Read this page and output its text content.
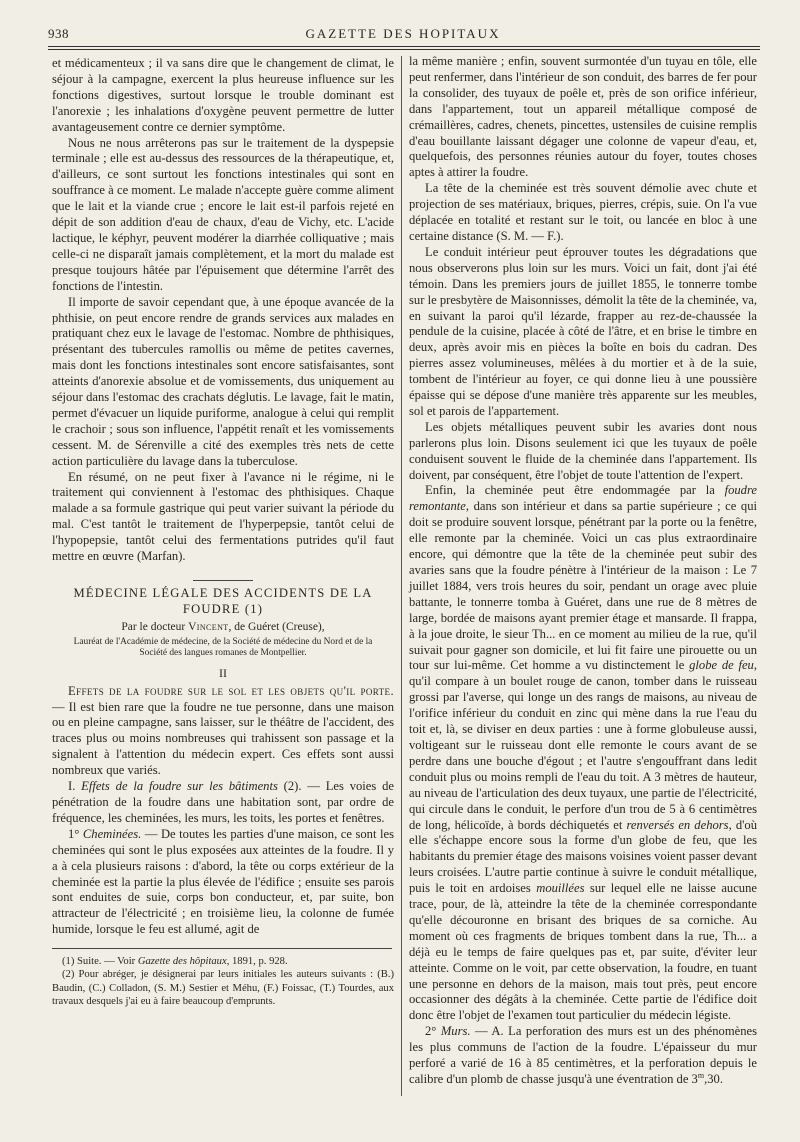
938	GAZETTE DES HOPITAUX

et médicamenteux ; il va sans dire que le changement de climat, le séjour à la campagne, exercent la plus heureuse influence sur les fonctions digestives, surtout lorsque le trouble dominant est l'anorexie ; les inhalations d'oxygène peuvent permettre de lutter avantageusement contre ce dernier symptôme.

Nous ne nous arrêterons pas sur le traitement de la dyspepsie terminale ; elle est au-dessus des ressources de la thérapeutique, et, d'ailleurs, ce sont surtout les fonctions intestinales qui sont en souffrance à ce moment. Le malade n'accepte guère comme aliment que le lait et la viande crue ; encore le lait est-il parfois rejeté en dépit de son addition d'eau de chaux, d'eau de Vichy, etc. L'acide lactique, le képhyr, peuvent modérer la diarrhée colliquative ; mais celle-ci ne disparaît jamais complètement, et la mort du malade est presque toujours hâtée par l'épuisement que détermine l'arrêt des fonctions de l'intestin.

Il importe de savoir cependant que, à une époque avancée de la phthisie, on peut encore rendre de grands services aux malades en pratiquant chez eux le lavage de l'estomac. Nombre de phthisiques, présentant des tubercules ramollis ou même de petites cavernes, mais dont les fonctions intestinales sont encore satisfaisantes, sont atteints d'anorexie absolue et de vomissements, dus uniquement au séjour dans l'estomac des crachats déglutis. Le lavage, fait le matin, permet d'évacuer un liquide puriforme, analogue à celui qui remplit le crachoir ; sous son influence, l'appétit renaît et les vomissements cessent. M. de Sérenville a cité des exemples très nets de cette action particulière du lavage dans la tuberculose.

En résumé, on ne peut fixer à l'avance ni le régime, ni le traitement qui conviennent à l'estomac des phthisiques. Chaque malade a sa formule gastrique qui peut varier suivant la période du mal. C'est tantôt le traitement de l'hyperpepsie, tantôt celui de l'hypopepsie, tantôt celui des fermentations putrides qu'il faut mettre en œuvre (Marfan).

MÉDECINE LÉGALE DES ACCIDENTS DE LA FOUDRE (1)

Par le docteur Vincent, de Guéret (Creuse),

Lauréat de l'Académie de médecine, de la Société de médecine du Nord et de la Société des langues romanes de Montpellier.

II

Effets de la foudre sur le sol et les objets qu'il porte. — Il est bien rare que la foudre ne tue personne, dans une maison ou en pleine campagne, sans laisser, sur le théâtre de l'accident, des traces plus ou moins nombreuses qui trahissent son passage et la signalent à l'attention du médecin expert. Ces effets sont aussi nombreux que variés.

I. Effets de la foudre sur les bâtiments (2). — Les voies de pénétration de la foudre dans une habitation sont, par ordre de fréquence, les cheminées, les murs, les toits, les portes et fenêtres.

1° Cheminées. — De toutes les parties d'une maison, ce sont les cheminées qui sont le plus exposées aux atteintes de la foudre. Il y a à cela plusieurs raisons : d'abord, la tête ou corps extérieur de la cheminée est la partie la plus élevée de l'édifice ; ensuite ses parois sont enduites de suie, corps bon conducteur, et, par suite, bon attracteur de l'électricité ; en troisième lieu, la colonne de fumée humide, lorsque le feu est allumé, agit de

(1) Suite. — Voir Gazette des hôpitaux, 1891, p. 928.

(2) Pour abréger, je désignerai par leurs initiales les auteurs suivants : (B.) Baudin, (C.) Colladon, (S. M.) Sestier et Méhu, (F.) Foissac, (T.) Tourdes, aux travaux desquels j'ai eu à faire beaucoup d'emprunts.

la même manière ; enfin, souvent surmontée d'un tuyau en tôle, elle peut renfermer, dans l'intérieur de son conduit, des barres de fer pour la consolider, des tuyaux de poêle et, près de son orifice inférieur, dans l'appartement, tout un appareil métallique composé de crémaillères, cadres, chenets, pincettes, ustensiles de cuisine remplis d'eau bouillante laissant dégager une colonne de vapeur d'eau, et, quelquefois, des personnes réunies autour du foyer, toutes choses aptes à attirer la foudre.

La tête de la cheminée est très souvent démolie avec chute et projection de ses matériaux, briques, pierres, crépis, suie. On l'a vue déplacée en totalité et restant sur le toit, ou lancée en bloc à une certaine distance (S. M. — F.).

Le conduit intérieur peut éprouver toutes les dégradations que nous observerons plus loin sur les murs. Voici un fait, dont j'ai été témoin. Dans les premiers jours de juillet 1855, le tonnerre tombe sur le presbytère de Maisonnisses, démolit la tête de la cheminée, va, en suivant la paroi qu'il lézarde, frapper au rez-de-chaussée la pendule de la cuisine, placée à côté de l'âtre, et en brise le timbre en deux, après avoir mis en pièces la boîte en bois du cadran. Des pierres assez volumineuses, mêlées à du mortier et à de la suie, tombent de l'intérieur au foyer, ce qui donne lieu à une poussière épaisse qui se dépose d'une manière très apparente sur les meubles, sol et parois de l'appartement.

Les objets métalliques peuvent subir les avaries dont nous parlerons plus loin. Disons seulement ici que les tuyaux de poêle conduisent souvent le fluide de la cheminée dans l'appartement. Ils doivent, par conséquent, être l'objet de toute l'attention de l'expert.

Enfin, la cheminée peut être endommagée par la foudre remontante, dans son intérieur et dans sa partie supérieure ; ce qui doit se produire souvent lorsque, pénétrant par la porte ou la fenêtre, elle remonte par la cheminée. Voici un cas plus extraordinaire encore, qui démontre que la tête de la cheminée peut subir des avaries sans que la foudre pénètre à l'intérieur de la maison : Le 7 juillet 1884, vers trois heures du soir, pendant un orage avec pluie battante, le tonnerre tomba à Guéret, dans une rue de 8 mètres de large, bordée de maisons ayant premier étage et mansarde. Il frappa, à la joue droite, le sieur Th... en ce moment au milieu de la rue, qu'il suivait pour gagner son domicile, et lui fit faire une pirouette ou un tour sur lui-même. Cet homme a vu distinctement le globe de feu, qu'il compare à un boulet rouge de canon, tomber dans le ruisseau grossi par l'averse, qui longe un des rangs de maisons, au niveau de l'orifice inférieur du conduit en zinc qui mène dans la rue l'eau du toit et, là, se diviser en deux parties : une à forme globuleuse aussi, voltigeant sur le ruisseau dont elle remonte le cours avant de se perdre dans une bouche d'égout ; et l'autre s'engouffrant dans ledit conduit plus ou moins rempli de l'eau du toit. A 3 mètres de hauteur, au niveau de l'articulation des deux tuyaux, une partie de l'électricité, qui circule dans le conduit, le perfore d'un trou de 5 à 6 centimètres de long, hélicoïde, à bords déchiquetés et renversés en dehors, d'où elle s'échappe encore sous la forme d'un globe de feu, que les habitants du premier étage des maisons voisines voient passer devant leurs croisées. L'autre partie continue à suivre le conduit métallique, puis le toit en ardoises mouillées sur lequel elle ne laisse aucune trace, pour, de là, atteindre la tête de la cheminée correspondante qu'elle découronne en brisant des briques de sa corniche. Au moment où ces fragments de briques tombent dans la rue, Th... a déjà eu le temps de faire quelques pas et, par suite, d'éviter leur atteinte. Comme on le voit, par cette observation, la foudre, en tuant une personne en dehors de la maison, mais tout près, peut encore occasionner des dégâts à la cheminée. Cette partie de l'édifice doit donc être l'objet de l'examen tout particulier du médecin légiste.

2° Murs. — A. La perforation des murs est un des phénomènes les plus communs de l'action de la foudre. L'épaisseur du mur perforé a varié de 16 à 85 centimètres, et la perforation depuis le calibre d'un plomb de chasse jusqu'à une éventration de 3$^m$,30.
